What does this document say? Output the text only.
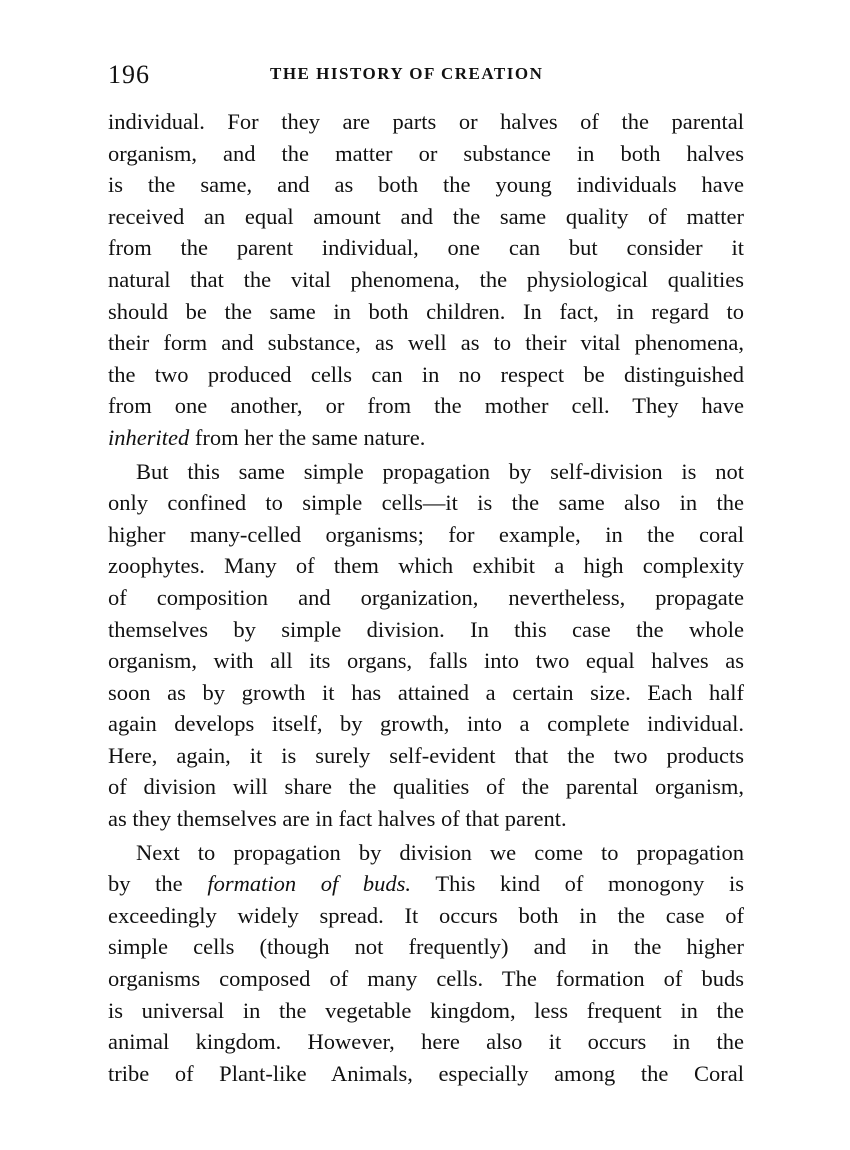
196	THE HISTORY OF CREATION
individual. For they are parts or halves of the parental
organism, and the matter or substance in both halves
is the same, and as both the young individuals have
received an equal amount and the same quality of matter
from the parent individual, one can but consider it
natural that the vital phenomena, the physiological qualities
should be the same in both children. In fact, in regard to
their form and substance, as well as to their vital phenomena,
the two produced cells can in no respect be distinguished
from one another, or from the mother cell. They have
inherited from her the same nature.
But this same simple propagation by self-division is not
only confined to simple cells—it is the same also in the
higher many-celled organisms; for example, in the coral
zoophytes. Many of them which exhibit a high complexity
of composition and organization, nevertheless, propagate
themselves by simple division. In this case the whole
organism, with all its organs, falls into two equal halves as
soon as by growth it has attained a certain size. Each half
again develops itself, by growth, into a complete individual.
Here, again, it is surely self-evident that the two products
of division will share the qualities of the parental organism,
as they themselves are in fact halves of that parent.
Next to propagation by division we come to propagation
by the formation of buds. This kind of monogony is
exceedingly widely spread. It occurs both in the case of
simple cells (though not frequently) and in the higher
organisms composed of many cells. The formation of buds
is universal in the vegetable kingdom, less frequent in the
animal kingdom. However, here also it occurs in the
tribe of Plant-like Animals, especially among the Coral
